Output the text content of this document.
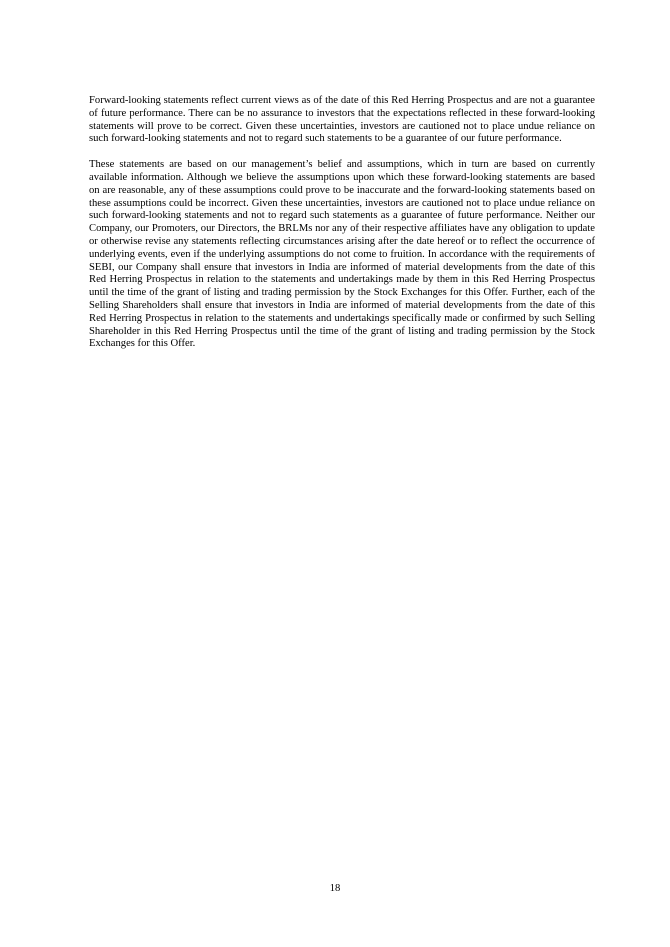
Forward-looking statements reflect current views as of the date of this Red Herring Prospectus and are not a guarantee of future performance. There can be no assurance to investors that the expectations reflected in these forward-looking statements will prove to be correct. Given these uncertainties, investors are cautioned not to place undue reliance on such forward-looking statements and not to regard such statements to be a guarantee of our future performance.

These statements are based on our management’s belief and assumptions, which in turn are based on currently available information. Although we believe the assumptions upon which these forward-looking statements are based on are reasonable, any of these assumptions could prove to be inaccurate and the forward-looking statements based on these assumptions could be incorrect. Given these uncertainties, investors are cautioned not to place undue reliance on such forward-looking statements and not to regard such statements as a guarantee of future performance. Neither our Company, our Promoters, our Directors, the BRLMs nor any of their respective affiliates have any obligation to update or otherwise revise any statements reflecting circumstances arising after the date hereof or to reflect the occurrence of underlying events, even if the underlying assumptions do not come to fruition. In accordance with the requirements of SEBI, our Company shall ensure that investors in India are informed of material developments from the date of this Red Herring Prospectus in relation to the statements and undertakings made by them in this Red Herring Prospectus until the time of the grant of listing and trading permission by the Stock Exchanges for this Offer. Further, each of the Selling Shareholders shall ensure that investors in India are informed of material developments from the date of this Red Herring Prospectus in relation to the statements and undertakings specifically made or confirmed by such Selling Shareholder in this Red Herring Prospectus until the time of the grant of listing and trading permission by the Stock Exchanges for this Offer.

18
